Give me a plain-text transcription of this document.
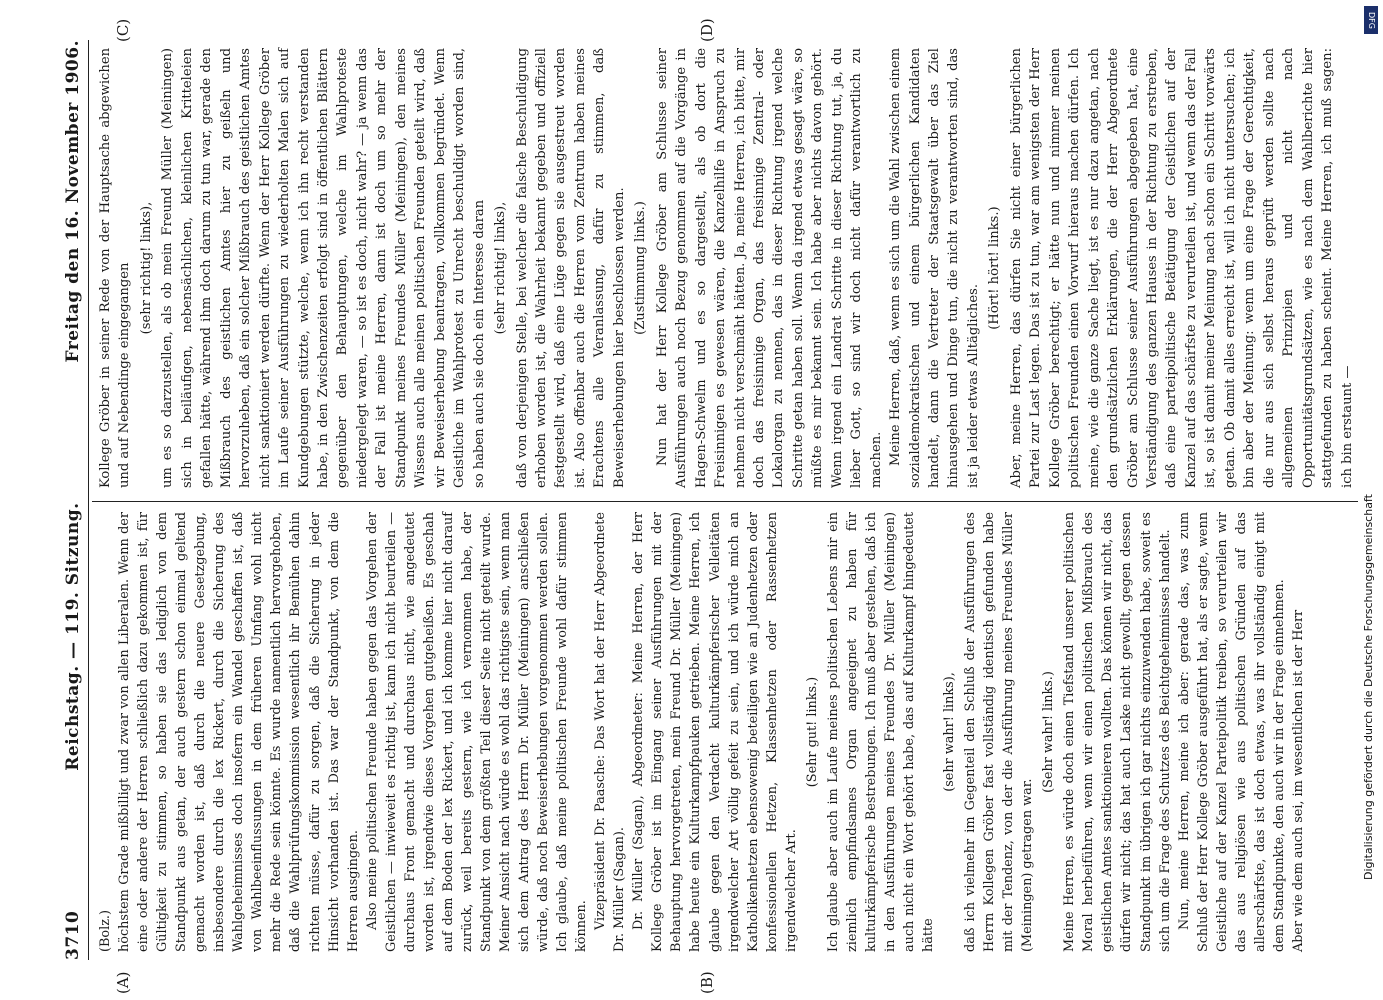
3710
Reichstag. — 119. Sitzung.
Freitag den 16. November 1906.
(A)	(B)
(C)	(D)

(Bolz.) höchstem Grade mißbilligt und zwar von allen Liberalen. Wenn der eine oder andere der Herren schließlich dazu gekommen ist, für Gültigkeit zu stimmen, so haben sie das lediglich von dem Standpunkt aus getan, der auch gestern schon einmal geltend gemacht worden ist, daß durch die neuere Gesetzgebung, insbesondere durch die lex Rickert, durch die Sicherung des Wahlgeheimnisses doch insofern ein Wandel geschaffen ist, daß von Wahlbeeinflussungen in dem früheren Umfang wohl nicht mehr die Rede sein könnte. Es wurde namentlich hervorgehoben, daß die Wahlprüfungskommission wesentlich ihr Bemühen dahin richten müsse, dafür zu sorgen, daß die Sicherung in jeder Hinsicht vorhanden ist. Das war der Standpunkt, von dem die Herren ausgingen. Also meine politischen Freunde haben gegen das Vorgehen der Geistlichen — inwieweit es richtig ist, kann ich nicht beurteilen — durchaus Front gemacht und durchaus nicht, wie angedeutet worden ist, irgendwie dieses Vorgehen gutgeheißen. Es geschah auf dem Boden der lex Rickert, und ich komme hier nicht darauf zurück, weil bereits gestern, wie ich vernommen habe, der Standpunkt von dem größten Teil dieser Seite nicht geteilt wurde. Meiner Ansicht nach würde es wohl das richtigste sein, wenn man sich dem Antrag des Herrn Dr. Müller (Meiningen) anschließen würde, daß noch Beweiserhebungen vorgenommen werden sollen. Ich glaube, daß meine politischen Freunde wohl dafür stimmen können. Vizepräsident Dr. Paasche: Das Wort hat der Herr Abgeordnete Dr. Müller (Sagan). Dr. Müller (Sagan), Abgeordneter: Meine Herren, der Herr Kollege Gröber ist im Eingang seiner Ausführungen mit der Behauptung hervorgetreten, mein Freund Dr. Müller (Meiningen) habe heute ein Kulturkampfpauken getrieben. Meine Herren, ich glaube gegen den Verdacht kulturkämpferischer Velleitäten irgendwelcher Art völlig gefeit zu sein, und ich würde mich an Katholikenhetzen ebensowenig beteiligen wie an Judenhetzen oder konfessionellen Hetzen, Klassenhetzen oder Rassenhetzen irgendwelcher Art.

(Sehr gut! links.) Ich glaube aber auch im Laufe meines politischen Lebens mir ein ziemlich empfindsames Organ angeeignet zu haben für kulturkämpferische Bestrebungen. Ich muß aber gestehen, daß ich in den Ausführungen meines Freundes Dr. Müller (Meiningen) auch nicht ein Wort gehört habe, das auf Kulturkampf hingedeutet hätte

(sehr wahr! links), daß ich vielmehr im Gegenteil den Schluß der Ausführungen des Herrn Kollegen Gröber fast vollständig identisch gefunden habe mit der Tendenz, von der die Ausführung meines Freundes Müller (Meiningen) getragen war.

(Sehr wahr! links.) Meine Herren, es würde doch einen Tiefstand unserer politischen Moral herbeiführen, wenn wir einen politischen Mißbrauch des geistlichen Amtes sanktionieren wollten. Das können wir nicht, das dürfen wir nicht; das hat auch Laske nicht gewollt, gegen dessen Standpunkt im übrigen ich gar nichts einzuwenden habe, soweit es sich um die Frage des Schutzes des Beichtgeheimnisses handelt. Nun, meine Herren, meine ich aber: gerade das, was zum Schluß der Herr Kollege Gröber ausgeführt hat, als er sagte, wenn Geistliche auf der Kanzel Parteipolitik treiben, so verurteilen wir das aus religiösen wie aus politischen Gründen auf das allerschärfste, das ist doch etwas, was ihr vollständig einigt mit dem Standpunkte, den auch wir in der Frage einnehmen. Aber wie dem auch sei, im wesentlichen ist der Herr

Kollege Gröber in seiner Rede von der Hauptsache abgewichen und auf Nebendinge eingegangen (sehr richtig! links), um es so darzustellen, als ob mein Freund Müller (Meiningen) sich in beiläufigen, nebensächlichen, kleinlichen Kritteleien gefallen hätte, während ihm doch darum zu tun war, gerade den Mißbrauch des geistlichen Amtes hier zu geißeln und hervorzuheben, daß ein solcher Mißbrauch des geistlichen Amtes nicht sanktioniert werden dürfte. Wenn der Herr Kollege Gröber im Laufe seiner Ausführungen zu wiederholten Malen sich auf Kundgebungen stützte, welche, wenn ich ihn recht verstanden habe, in den Zwischenzeiten erfolgt sind in öffentlichen Blättern gegenüber den Behauptungen, welche im Wahlproteste niedergelegt waren, — so ist es doch, nicht wahr? — ja wenn das der Fall ist meine Herren, dann ist doch um so mehr der Standpunkt meines Freundes Müller (Meiningen), den meines Wissens auch alle meinen politischen Freunden geteilt wird, daß wir Beweiserhebung beantragen, vollkommen begründet. Wenn Geistliche im Wahlprotest zu Unrecht beschuldigt worden sind, so haben auch sie doch ein Interesse daran (sehr richtig! links), daß von derjenigen Stelle, bei welcher die falsche Beschuldigung erhoben worden ist, die Wahrheit bekannt gegeben und offiziell festgestellt wird, daß eine Lüge gegen sie ausgestreut worden ist. Also offenbar auch die Herren vom Zentrum haben meines Erachtens alle Veranlassung, dafür zu stimmen, daß Beweiserhebungen hier beschlossen werden. (Zustimmung links.) Nun hat der Herr Kollege Gröber am Schlusse seiner Ausführungen auch noch Bezug genommen auf die Vorgänge in Hagen-Schwelm und es so dargestellt, als ob dort die Freisinnigen es gewesen wären, die Kanzelhilfe in Anspruch zu nehmen nicht verschmäht hätten. Ja, meine Herren, ich bitte, mir doch das freisinnige Organ, das freisinnige Zentral- oder Lokalorgan zu nennen, das in dieser Richtung irgend welche Schritte getan haben soll. Wenn da irgend etwas gesagt wäre, so müßte es mir bekannt sein. Ich habe aber nichts davon gehört. Wenn irgend ein Landrat Schritte in dieser Richtung tut, ja, du lieber Gott, so sind wir doch nicht dafür verantwortlich zu machen. Meine Herren, daß, wenn es sich um die Wahl zwischen einem sozialdemokratischen und einem bürgerlichen Kandidaten handelt, dann die Vertreter der Staatsgewalt über das Ziel hinausgehen und Dinge tun, die nicht zu verantworten sind, das ist ja leider etwas Alltägliches.

(Hört! hört! links.) Aber, meine Herren, das dürfen Sie nicht einer bürgerlichen Partei zur Last legen. Das ist zu tun, war am wenigsten der Herr Kollege Gröber berechtigt; er hätte nun und nimmer meinen politischen Freunden einen Vorwurf hieraus machen dürfen. Ich meine, wie die ganze Sache liegt, ist es nur dazu angetan, nach den grundsätzlichen Erklärungen, die der Herr Abgeordnete Gröber am Schlusse seiner Ausführungen abgegeben hat, eine Verständigung des ganzen Hauses in der Richtung zu erstreben, daß eine parteipolitische Betätigung der Geistlichen auf der Kanzel auf das schärfste zu verurteilen ist, und wenn das der Fall ist, so ist damit meiner Meinung nach schon ein Schritt vorwärts getan. Ob damit alles erreicht ist, will ich nicht untersuchen; ich bin aber der Meinung: wenn um eine Frage der Gerechtigkeit, die nur aus sich selbst heraus geprüft werden sollte nach allgemeinen Prinzipien und nicht nach Opportunitätsgrundsätzen, wie es nach dem Wahlberichte hier stattgefunden zu haben scheint. Meine Herren, ich muß sagen: ich bin erstaunt —

DFG
Digitalisierung gefördert durch die Deutsche Forschungsgemeinschaft
